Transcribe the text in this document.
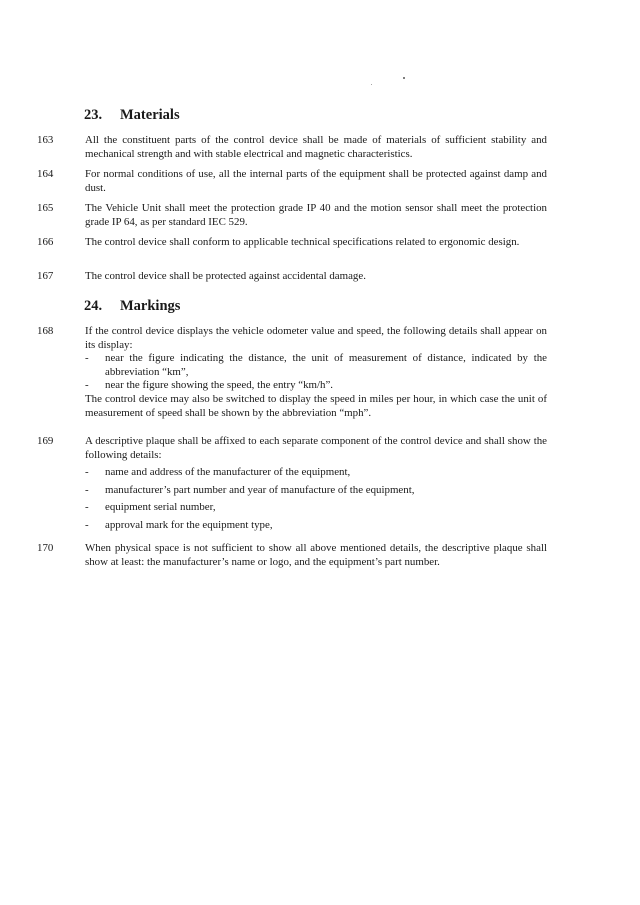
23. Materials
163	All the constituent parts of the control device shall be made of materials of sufficient stability and mechanical strength and with stable electrical and magnetic characteristics.

164	For normal conditions of use, all the internal parts of the equipment shall be protected against damp and dust.

165	The Vehicle Unit shall meet the protection grade IP 40 and the motion sensor shall meet the protection grade IP 64, as per standard IEC 529.

166	The control device shall conform to applicable technical specifications related to ergonomic design.

167	The control device shall be protected against accidental damage.

24. Markings
168	If the control device displays the vehicle odometer value and speed, the following details shall appear on its display:

- near the figure indicating the distance, the unit of measurement of distance, indicated by the abbreviation “km”,
- near the figure showing the speed, the entry “km/h”.

The control device may also be switched to display the speed in miles per hour, in which case the unit of measurement of speed shall be shown by the abbreviation “mph”.

169	A descriptive plaque shall be affixed to each separate component of the control device and shall show the following details:

- name and address of the manufacturer of the equipment,
- manufacturer’s part number and year of manufacture of the equipment,
- equipment serial number,
- approval mark for the equipment type,
170	When physical space is not sufficient to show all above mentioned details, the descriptive plaque shall show at least: the manufacturer’s name or logo, and the equipment’s part number.
